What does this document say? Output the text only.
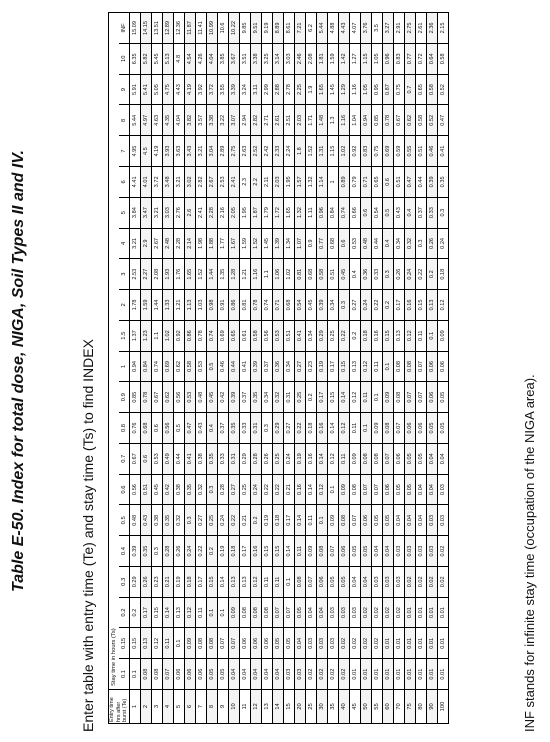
Table E-50. Index for total dose, NIGA, Soil Types II and IV.	Enter table with entry time (Te) and stay time (Ts) to find INDEX Entry time hrs after burst (Te)	Stay time in hours (Ts)																					
	0.1	0.15	0.2	0.3	0.4	0.5	0.6	0.7	0.8	0.9	1	1.5	2	3	4	5	6	7	8	9	10	INF
1	0.1	0.15	0.2	0.29	0.39	0.48	0.56	0.67	0.76	0.85	0.94	1.37	1.78	2.53	3.21	3.84	4.41	4.95	5.44	5.91	6.35	15.09
2	0.08	0.13	0.17	0.26	0.35	0.43	0.51	0.6	0.68	0.78	0.84	1.23	1.59	2.27	2.9	3.47	4.01	4.5	4.97	5.41	5.82	14.15
3	0.08	0.12	0.15	0.23	0.3	0.38	0.45	0.53	0.6	0.67	0.74	1.1	1.44	2.08	2.67	3.21	3.72	4.19	4.63	5.05	5.45	13.51
4	0.07	0.11	0.14	0.21	0.28	0.35	0.42	0.49	0.56	0.62	0.69	1.02	1.33	1.93	2.48	3.03	3.48	3.93	4.35	4.75	5.13	12.89
5	0.06	0.1	0.13	0.19	0.26	0.32	0.38	0.44	0.5	0.56	0.62	0.92	1.21	1.76	2.28	2.76	3.21	3.63	4.04	4.43	4.8	12.36
6	0.06	0.09	0.12	0.18	0.24	0.3	0.35	0.41	0.47	0.53	0.58	0.86	1.13	1.65	2.14	2.6	3.02	3.43	3.82	4.19	4.54	11.87
7	0.06	0.08	0.11	0.17	0.22	0.27	0.32	0.38	0.43	0.48	0.53	0.78	1.03	1.52	1.98	2.41	2.82	3.21	3.57	3.92	4.26	11.41
8	0.05	0.08	0.1	0.15	0.2	0.25	0.3	0.35	0.4	0.45	0.5	0.74	0.98	1.44	1.88	2.28	2.67	3.04	3.38	3.72	4.04	10.99
9	0.05	0.07	0.1	0.14	0.19	0.24	0.28	0.33	0.37	0.42	0.46	0.69	0.91	1.35	1.77	2.16	2.53	2.89	3.22	3.55	3.85	10.6
10	0.04	0.07	0.09	0.13	0.18	0.22	0.27	0.31	0.35	0.39	0.44	0.65	0.86	1.28	1.67	2.05	2.41	2.75	3.07	3.39	3.67	10.22
11	0.04	0.06	0.08	0.13	0.17	0.21	0.25	0.29	0.33	0.37	0.41	0.61	0.81	1.21	1.59	1.95	2.3	2.63	2.94	3.24	3.51	9.85
12	0.04	0.06	0.08	0.12	0.16	0.2	0.24	0.28	0.31	0.35	0.39	0.58	0.78	1.16	1.52	1.87	2.2	2.52	2.82	3.11	3.38	9.51
13	0.04	0.06	0.08	0.11	0.15	0.19	0.22	0.26	0.3	0.34	0.37	0.56	0.74	1.1	1.45	1.79	2.11	2.42	2.71	2.99	3.25	9.19
14	0.04	0.05	0.07	0.11	0.15	0.18	0.22	0.25	0.29	0.32	0.36	0.53	0.71	1.06	1.39	1.72	2.03	2.33	2.61	2.88	3.14	8.89
15	0.03	0.05	0.07	0.1	0.14	0.17	0.21	0.24	0.27	0.31	0.34	0.51	0.68	1.02	1.34	1.65	1.95	2.24	2.51	2.78	3.03	8.61
20	0.03	0.04	0.05	0.08	0.11	0.14	0.16	0.19	0.22	0.25	0.27	0.41	0.54	0.81	1.07	1.32	1.57	1.8	2.03	2.25	2.46	7.21
25	0.02	0.03	0.04	0.07	0.09	0.11	0.14	0.16	0.18	0.2	0.23	0.34	0.45	0.68	0.9	1.11	1.32	1.52	1.71	1.9	2.08	6.2
30	0.02	0.03	0.04	0.06	0.08	0.1	0.12	0.14	0.16	0.17	0.19	0.29	0.39	0.58	0.77	0.96	1.14	1.31	1.48	1.65	1.81	5.44
35	0.02	0.03	0.03	0.05	0.07	0.09	0.1	0.12	0.14	0.15	0.17	0.25	0.34	0.51	0.68	0.84	1	1.15	1.3	1.45	1.59	4.88
40	0.02	0.02	0.03	0.05	0.06	0.08	0.09	0.11	0.12	0.14	0.15	0.22	0.3	0.45	0.6	0.74	0.89	1.02	1.16	1.29	1.42	4.43
45	0.01	0.02	0.03	0.04	0.05	0.07	0.08	0.09	0.11	0.12	0.13	0.2	0.27	0.4	0.53	0.66	0.79	0.92	1.04	1.16	1.27	4.07
50	0.01	0.02	0.02	0.04	0.05	0.06	0.07	0.08	0.1	0.11	0.12	0.18	0.24	0.36	0.48	0.6	0.71	0.83	0.94	1.05	1.15	3.76
55	0.01	0.02	0.02	0.03	0.04	0.05	0.07	0.08	0.09	0.1	0.11	0.16	0.22	0.33	0.44	0.54	0.65	0.75	0.85	0.95	1.05	3.5
60	0.01	0.01	0.02	0.03	0.04	0.05	0.06	0.07	0.08	0.09	0.1	0.15	0.2	0.3	0.4	0.5	0.6	0.69	0.78	0.87	0.96	3.27
70	0.01	0.01	0.02	0.03	0.03	0.04	0.05	0.06	0.07	0.08	0.08	0.13	0.17	0.26	0.34	0.43	0.51	0.59	0.67	0.75	0.83	2.91
75	0.01	0.01	0.01	0.02	0.03	0.04	0.05	0.05	0.06	0.07	0.08	0.12	0.16	0.24	0.32	0.4	0.47	0.55	0.62	0.7	0.77	2.75
80	0.01	0.01	0.01	0.02	0.03	0.04	0.04	0.05	0.06	0.07	0.07	0.11	0.15	0.22	0.3	0.37	0.44	0.51	0.58	0.65	0.72	2.61
90	0.01	0.01	0.01	0.02	0.03	0.03	0.04	0.04	0.05	0.06	0.06	0.1	0.13	0.2	0.26	0.33	0.39	0.46	0.52	0.58	0.64	2.36
100	0.01	0.01	0.01	0.02	0.02	0.03	0.03	0.04	0.05	0.05	0.06	0.09	0.12	0.18	0.24	0.3	0.35	0.41	0.47	0.52	0.58	2.15
INF stands for infinite stay time (occupation of the NIGA area).
